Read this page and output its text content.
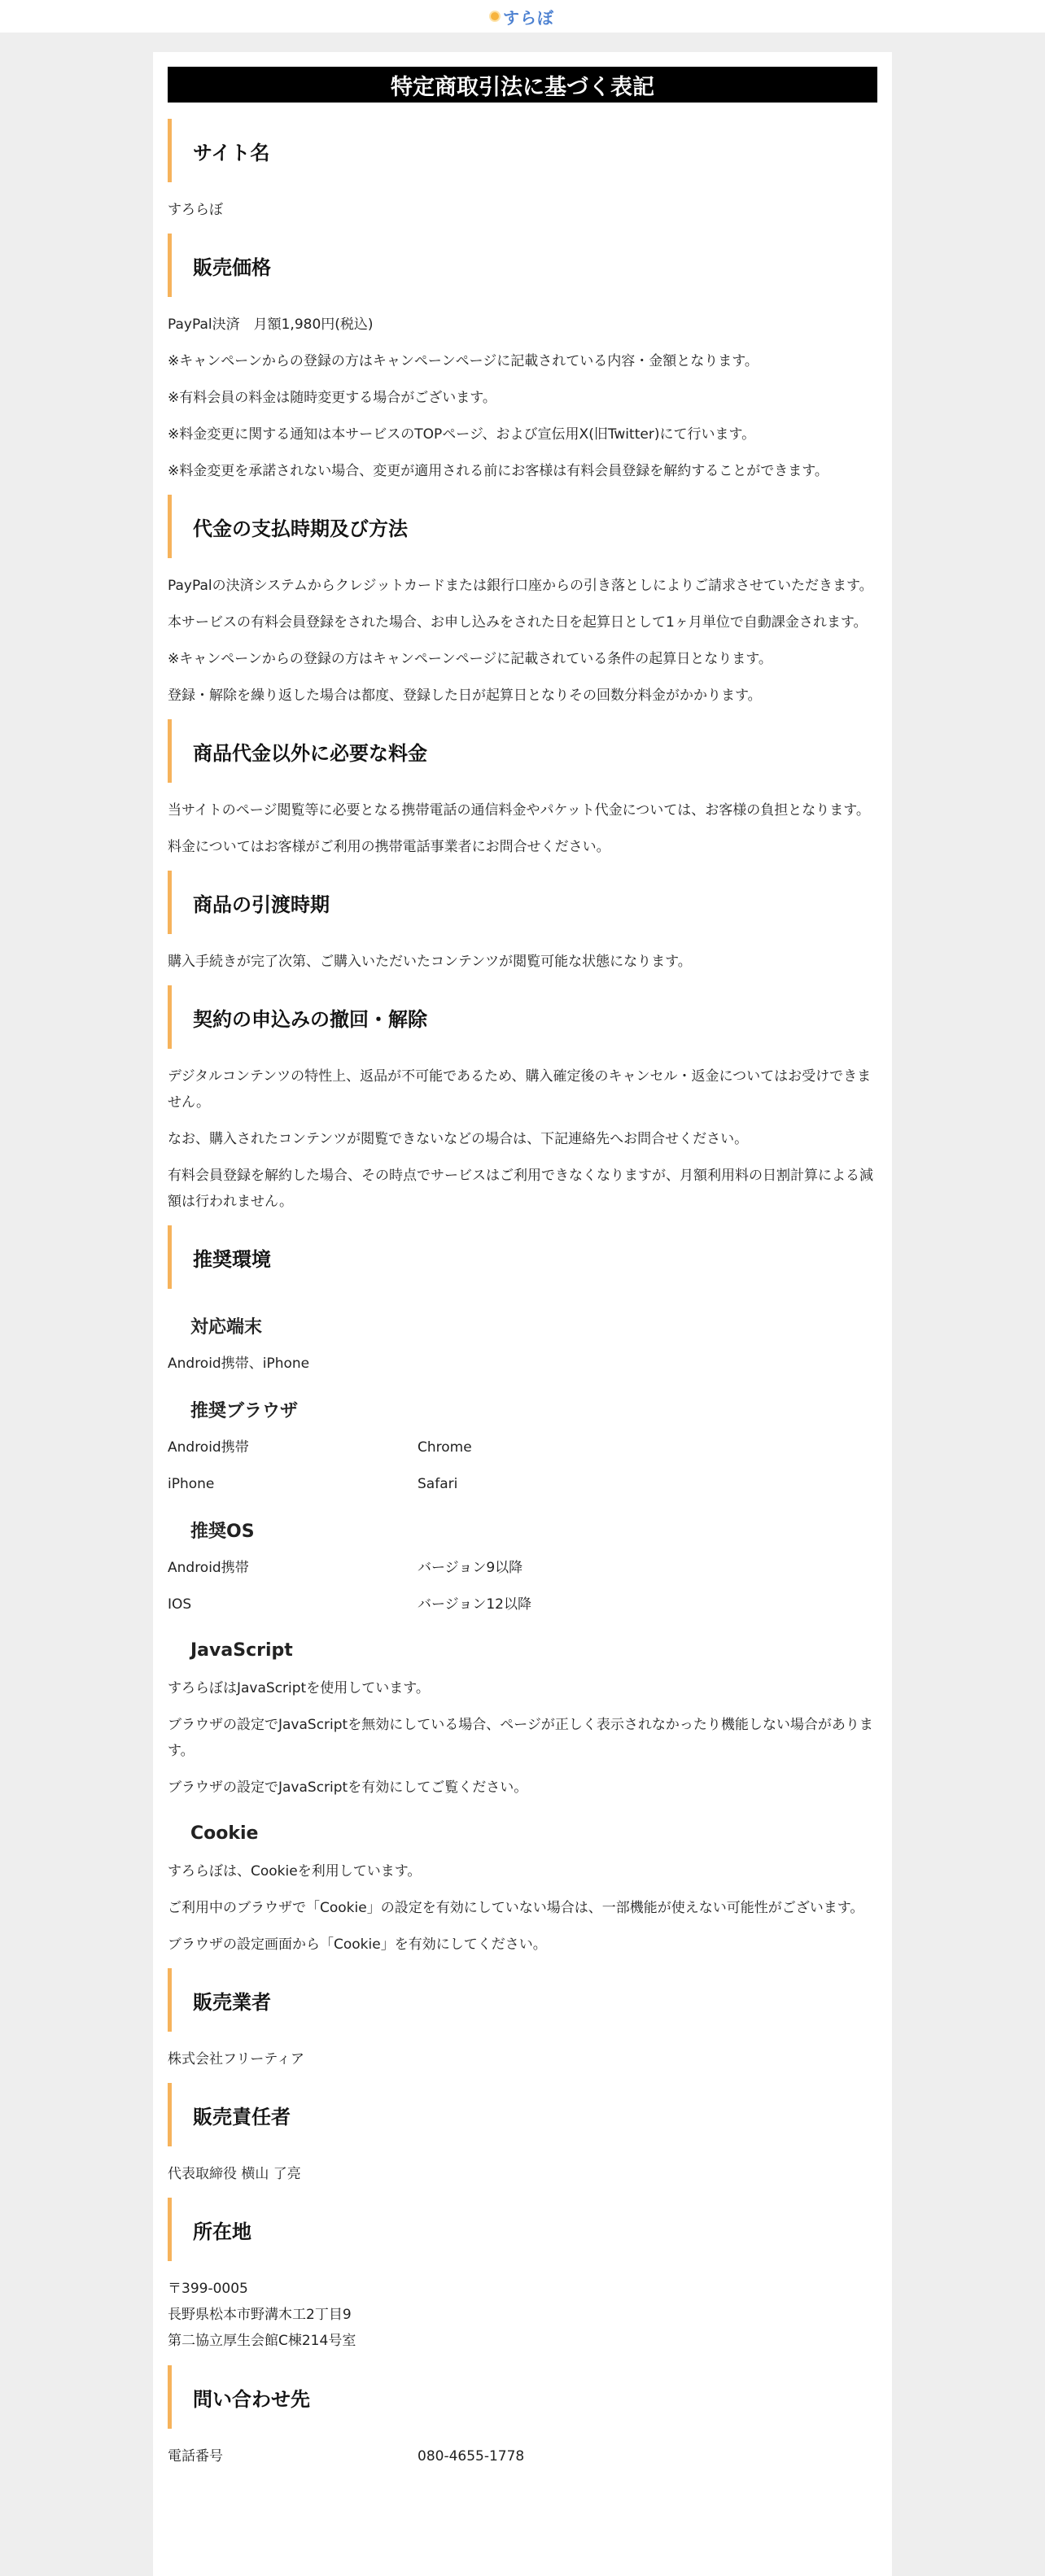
すらぼ
特定商取引法に基づく表記
サイト名

すろらぼ

販売価格

PayPal決済　月額1,980円(税込)

※キャンペーンからの登録の方はキャンペーンページに記載されている内容・金額となります。

※有料会員の料金は随時変更する場合がございます。

※料金変更に関する通知は本サービスのTOPページ、および宣伝用X(旧Twitter)にて行います。

※料金変更を承諾されない場合、変更が適用される前にお客様は有料会員登録を解約することができます。

代金の支払時期及び方法

PayPalの決済システムからクレジットカードまたは銀行口座からの引き落としによりご請求させていただきます。

本サービスの有料会員登録をされた場合、お申し込みをされた日を起算日として1ヶ月単位で自動課金されます。

※キャンペーンからの登録の方はキャンペーンページに記載されている条件の起算日となります。

登録・解除を繰り返した場合は都度、登録した日が起算日となりその回数分料金がかかります。

商品代金以外に必要な料金

当サイトのページ閲覧等に必要となる携帯電話の通信料金やパケット代金については、お客様の負担となります。

料金についてはお客様がご利用の携帯電話事業者にお問合せください。

商品の引渡時期

購入手続きが完了次第、ご購入いただいたコンテンツが閲覧可能な状態になります。

契約の申込みの撤回・解除

デジタルコンテンツの特性上、返品が不可能であるため、購入確定後のキャンセル・返金についてはお受けできません。

なお、購入されたコンテンツが閲覧できないなどの場合は、下記連絡先へお問合せください。

有料会員登録を解約した場合、その時点でサービスはご利用できなくなりますが、月額利用料の日割計算による減額は行われません。

推奨環境
対応端末

Android携帯、iPhone

推奨ブラウザ
Android携帯	Chrome
iPhone	Safari
推奨OS
Android携帯	バージョン9以降
IOS	バージョン12以降
JavaScript

すろらぼはJavaScriptを使用しています。

ブラウザの設定でJavaScriptを無効にしている場合、ページが正しく表示されなかったり機能しない場合があります。

ブラウザの設定でJavaScriptを有効にしてご覧ください。

Cookie

すろらぼは、Cookieを利用しています。

ご利用中のブラウザで「Cookie」の設定を有効にしていない場合は、一部機能が使えない可能性がございます。

ブラウザの設定画面から「Cookie」を有効にしてください。

販売業者

株式会社フリーティア

販売責任者

代表取締役 横山 了亮

所在地

〒399-0005

長野県松本市野溝木工2丁目9

第二協立厚生会館C棟214号室

問い合わせ先
電話番号	080-4655-1778
